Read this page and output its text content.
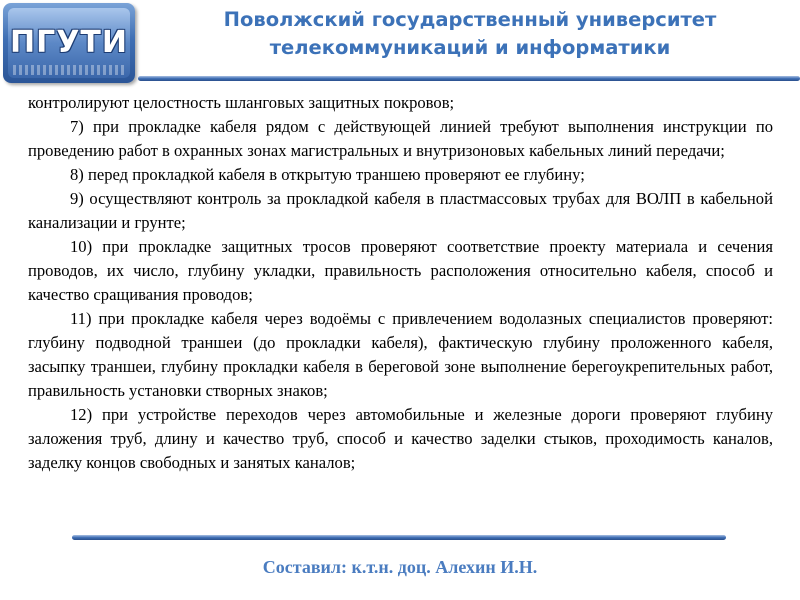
ПГУТИ
Поволжский государственный университет
телекоммуникаций и информатики

контролируют целостность шланговых защитных покровов;

7) при прокладке кабеля рядом с действующей линией требуют выполнения инструкции по проведению работ в охранных зонах магистральных и внутризоновых кабельных линий передачи;

8) перед прокладкой кабеля в открытую траншею проверяют ее глубину;

9) осуществляют контроль за прокладкой кабеля в пластмассовых трубах для ВОЛП в кабельной канализации и грунте;

10) при прокладке защитных тросов проверяют соответствие проекту материала и сечения проводов, их число, глубину укладки, правильность расположения относительно кабеля, способ и качество сращивания проводов;

11) при прокладке кабеля через водоёмы с привлечением водолазных специалистов проверяют: глубину подводной траншеи (до прокладки кабеля), фактическую глубину проложенного кабеля, засыпку траншеи, глубину прокладки кабеля в береговой зоне выполнение берегоукрепительных работ, правильность установки створных знаков;

12) при устройстве переходов через автомобильные и железные дороги проверяют глубину заложения труб, длину и качество труб, способ и качество заделки стыков, проходимость каналов, заделку концов свободных и занятых каналов;

Составил: к.т.н. доц. Алехин И.Н.
